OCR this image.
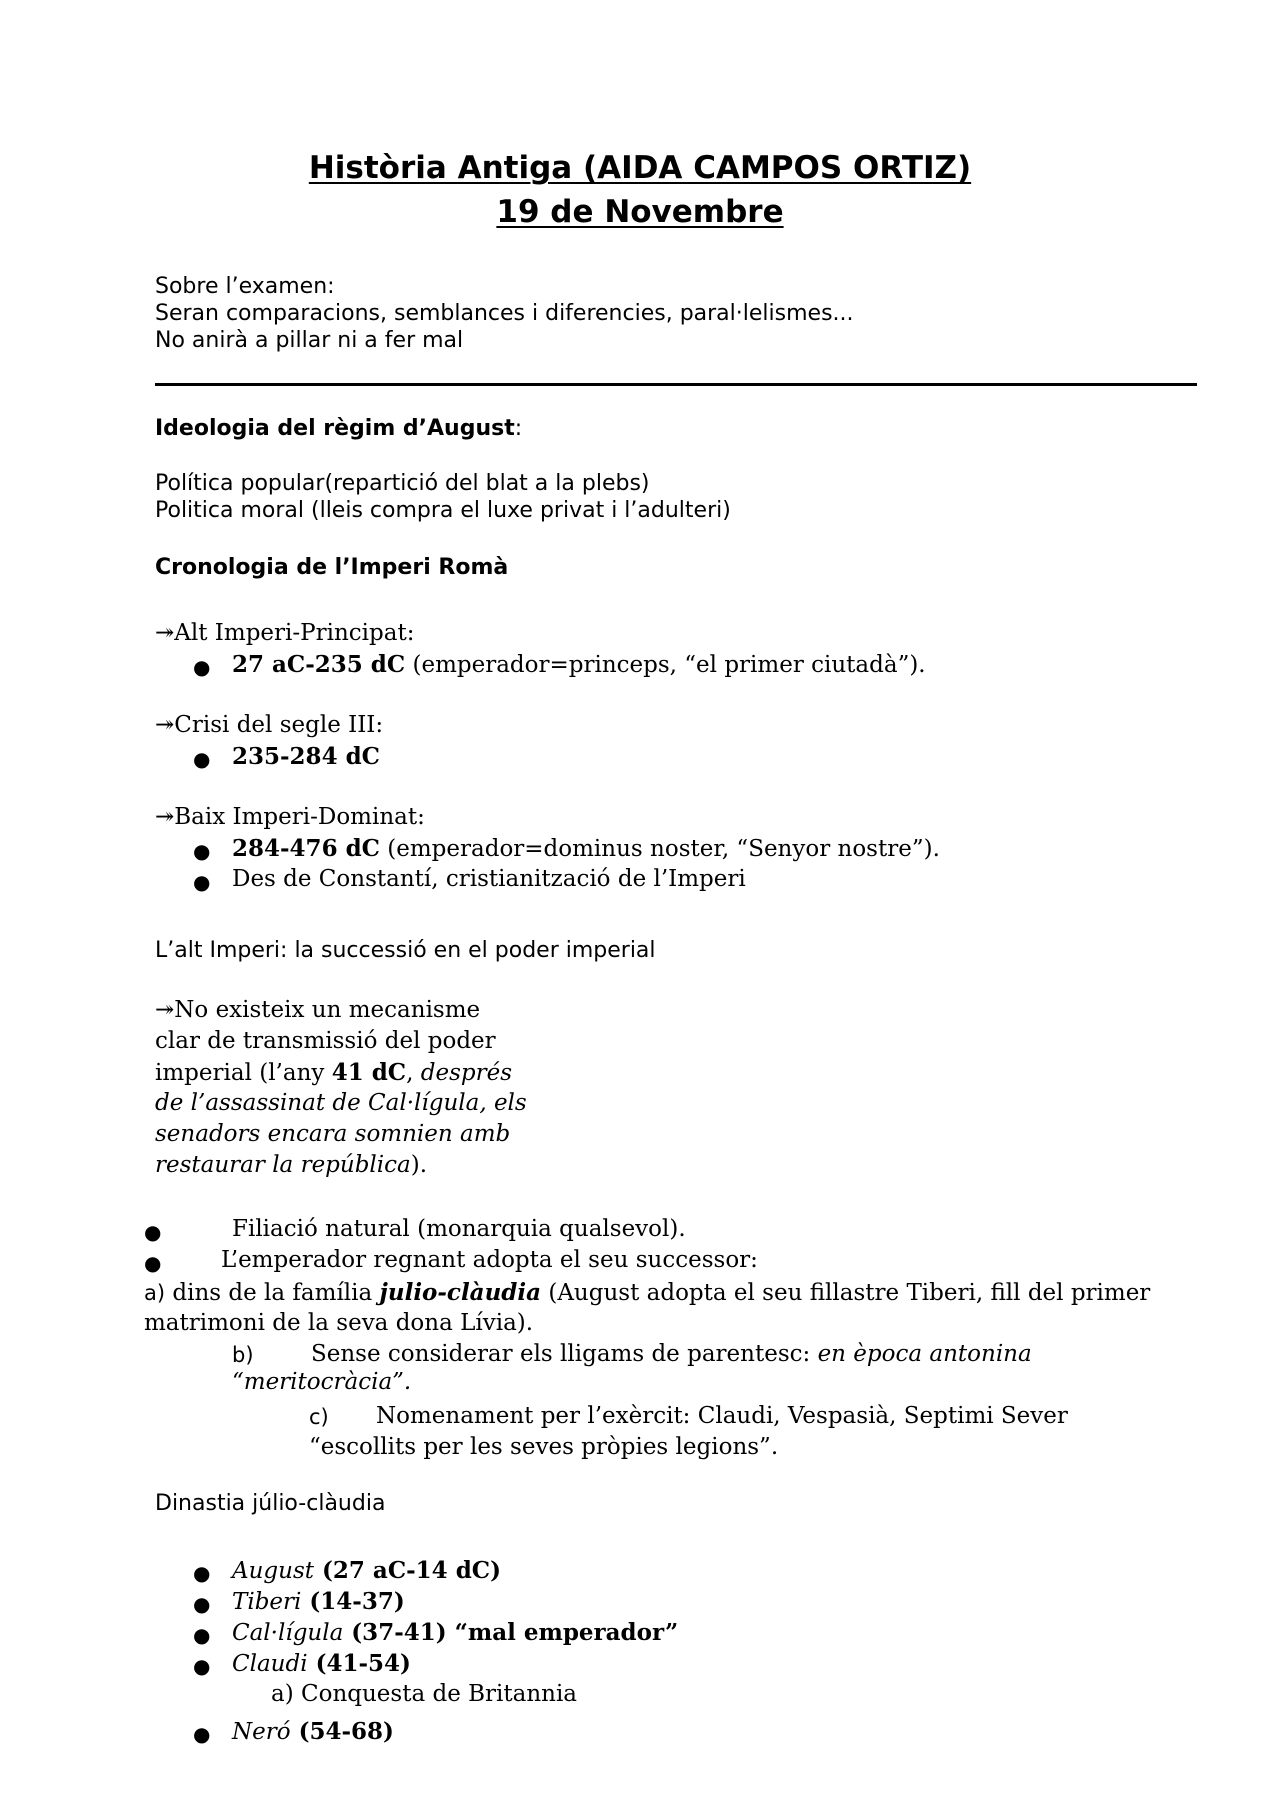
Història Antiga (AIDA CAMPOS ORTIZ)
19 de Novembre
Sobre l’examen:
Seran comparacions, semblances i diferencies, paral·lelismes...
No anirà a pillar ni a fer mal
Ideologia del règim d’August:
Política popular(repartició del blat a la plebs)
Politica moral (lleis compra el luxe privat i l’adulteri)
Cronologia de l’Imperi Romà
↠Alt Imperi-Principat:
● 27 aC-235 dC (emperador=princeps, “el primer ciutadà”).
↠Crisi del segle III:
● 235-284 dC
↠Baix Imperi-Dominat:
● 284-476 dC (emperador=dominus noster, “Senyor nostre”).
● Des de Constantí, cristianització de l’Imperi
L’alt Imperi: la successió en el poder imperial
↠No existeix un mecanisme
clar de transmissió del poder
imperial (l’any 41 dC, després
de l’assassinat de Cal·lígula, els
senadors encara somnien amb
restaurar la república).
●	Filiació natural (monarquia qualsevol).
●	L’emperador regnant adopta el seu successor:
a) dins de la família julio-clàudia (August adopta el seu fillastre Tiberi, fill del primer
matrimoni de la seva dona Lívia).
b) Sense considerar els lligams de parentesc: en època antonina
“meritocràcia”.
c) Nomenament per l’exèrcit: Claudi, Vespasià, Septimi Sever
“escollits per les seves pròpies legions”.
Dinastia júlio-clàudia
● August (27 aC-14 dC)
● Tiberi (14-37)
● Cal·lígula (37-41) “mal emperador”
● Claudi (41-54)
a) Conquesta de Britannia
● Neró (54-68)
